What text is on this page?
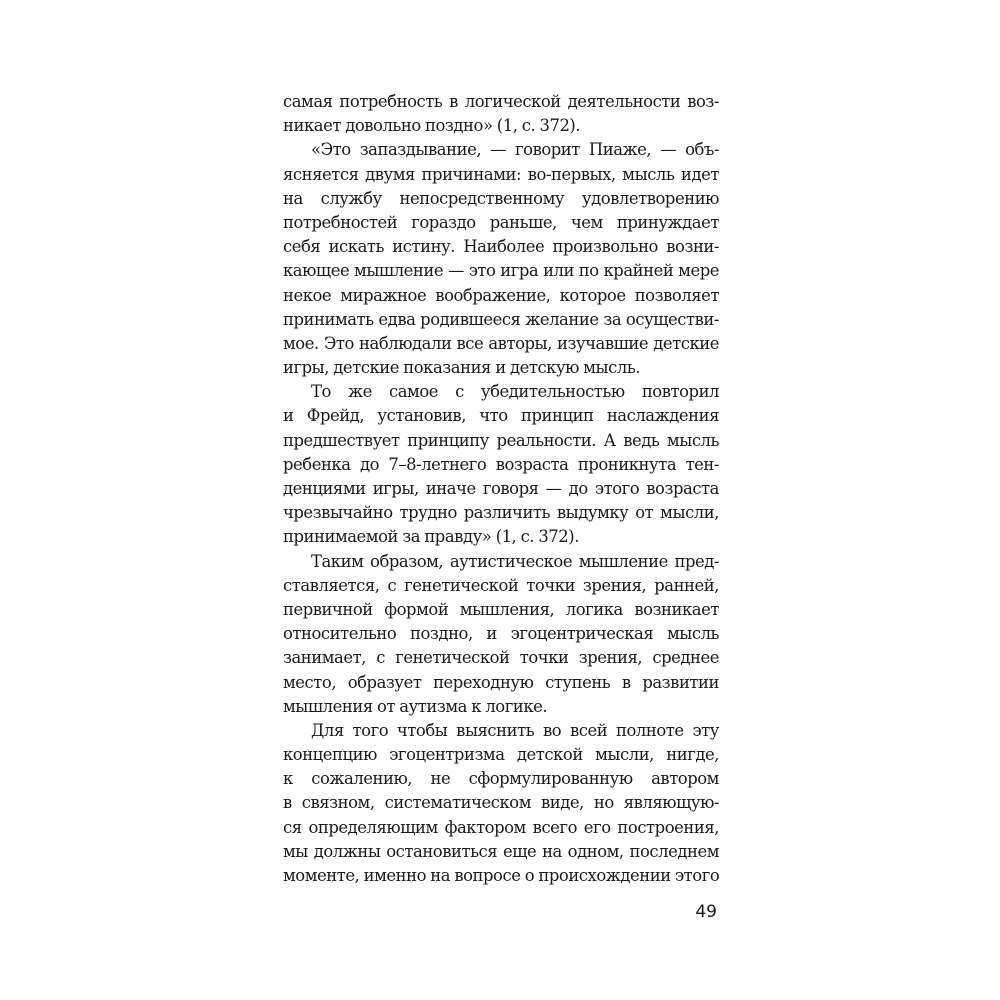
самая потребность в логической деятельности воз-
никает довольно поздно» (1, с. 372).
«Это запаздывание, — говорит Пиаже, — объ-
ясняется двумя причинами: во-первых, мысль идет
на службу непосредственному удовлетворению
потребностей гораздо раньше, чем принуждает
себя искать истину. Наиболее произвольно возни-
кающее мышление — это игра или по крайней мере
некое миражное воображение, которое позволяет
принимать едва родившееся желание за осуществи-
мое. Это наблюдали все авторы, изучавшие детские
игры, детские показания и детскую мысль.
То же самое с убедительностью повторил
и Фрейд, установив, что принцип наслаждения
предшествует принципу реальности. А ведь мысль
ребенка до 7–8-летнего возраста проникнута тен-
денциями игры, иначе говоря — до этого возраста
чрезвычайно трудно различить выдумку от мысли,
принимаемой за правду» (1, с. 372).
Таким образом, аутистическое мышление пред-
ставляется, с генетической точки зрения, ранней,
первичной формой мышления, логика возникает
относительно поздно, и эгоцентрическая мысль
занимает, с генетической точки зрения, среднее
место, образует переходную ступень в развитии
мышления от аутизма к логике.
Для того чтобы выяснить во всей полноте эту
концепцию эгоцентризма детской мысли, нигде,
к сожалению, не сформулированную автором
в связном, систематическом виде, но являющую-
ся определяющим фактором всего его построения,
мы должны остановиться еще на одном, последнем
моменте, именно на вопросе о происхождении этого
49
